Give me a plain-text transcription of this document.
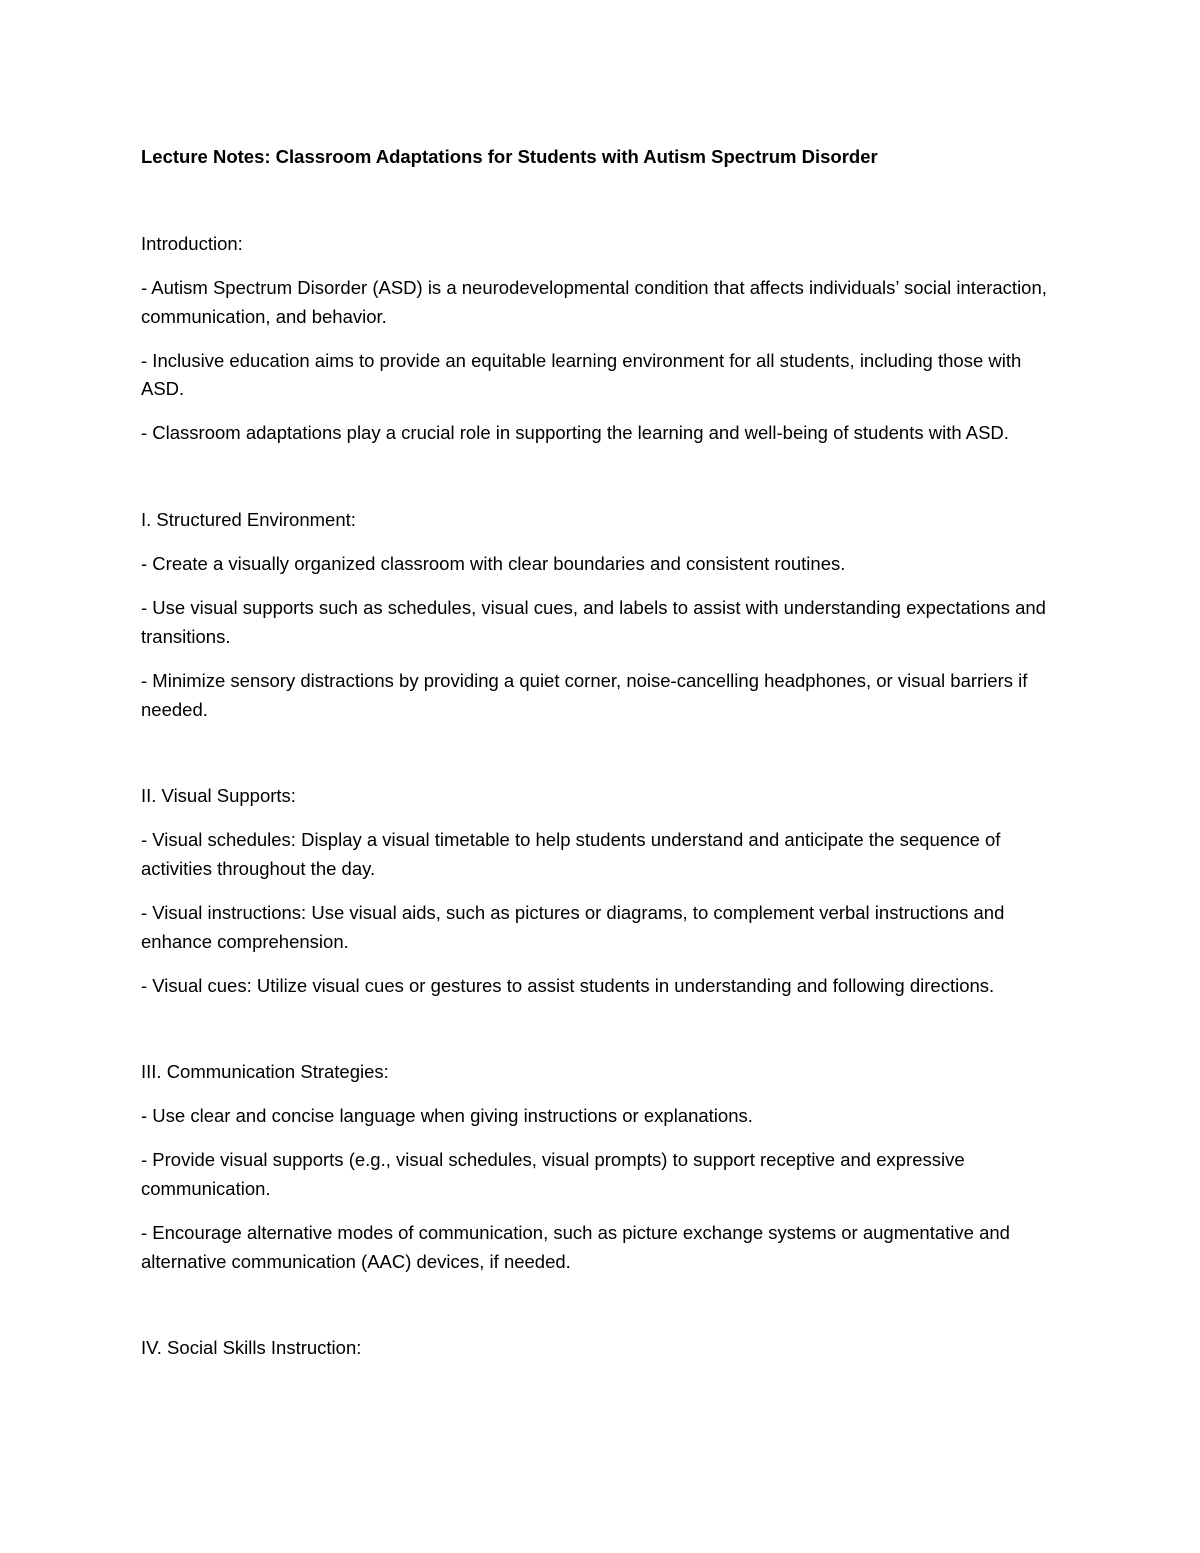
Lecture Notes: Classroom Adaptations for Students with Autism Spectrum Disorder

Introduction:

- Autism Spectrum Disorder (ASD) is a neurodevelopmental condition that affects individuals’ social interaction, communication, and behavior.

- Inclusive education aims to provide an equitable learning environment for all students, including those with ASD.

- Classroom adaptations play a crucial role in supporting the learning and well-being of students with ASD.

I. Structured Environment:

- Create a visually organized classroom with clear boundaries and consistent routines.

- Use visual supports such as schedules, visual cues, and labels to assist with understanding expectations and transitions.

- Minimize sensory distractions by providing a quiet corner, noise-cancelling headphones, or visual barriers if needed.

II. Visual Supports:

- Visual schedules: Display a visual timetable to help students understand and anticipate the sequence of activities throughout the day.

- Visual instructions: Use visual aids, such as pictures or diagrams, to complement verbal instructions and enhance comprehension.

- Visual cues: Utilize visual cues or gestures to assist students in understanding and following directions.

III. Communication Strategies:

- Use clear and concise language when giving instructions or explanations.

- Provide visual supports (e.g., visual schedules, visual prompts) to support receptive and expressive communication.

- Encourage alternative modes of communication, such as picture exchange systems or augmentative and alternative communication (AAC) devices, if needed.

IV. Social Skills Instruction:
